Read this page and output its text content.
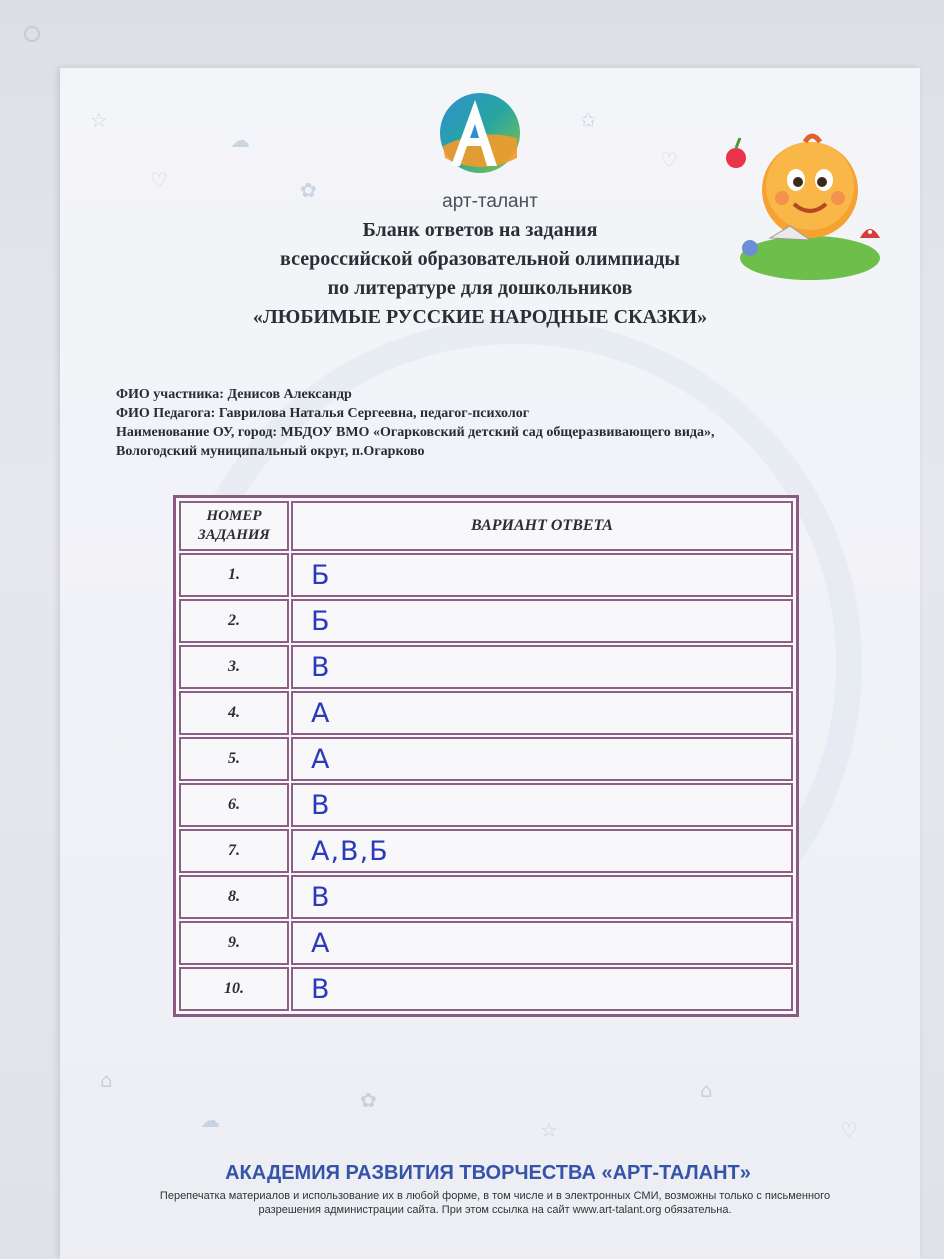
☆
♡
☁
✿
✩
♡
⌂
☁
✿
☆
⌂
♡
арт-талант
Бланк ответов на задания
всероссийской образовательной олимпиады
по литературе для дошкольников
«ЛЮБИМЫЕ РУССКИЕ НАРОДНЫЕ СКАЗКИ»
ФИО участника: Денисов Александр
ФИО Педагога: Гаврилова Наталья Сергеевна, педагог-психолог
Наименование ОУ, город: МБДОУ ВМО «Огарковский детский сад общеразвивающего вида»,
Вологодский муниципальный округ, п.Огарково
НОМЕР ЗАДАНИЯ
ВАРИАНТ ОТВЕТА
1.	Б
2.	Б
3.	В
4.	А
5.	А
6.	В
7.	А,В,Б
8.	В
9.	А
10.	В
АКАДЕМИЯ РАЗВИТИЯ ТВОРЧЕСТВА «АРТ-ТАЛАНТ»
Перепечатка материалов и использование их в любой форме, в том числе и в электронных СМИ, возможны только с письменного разрешения администрации сайта. При этом ссылка на сайт www.art-talant.org обязательна.
